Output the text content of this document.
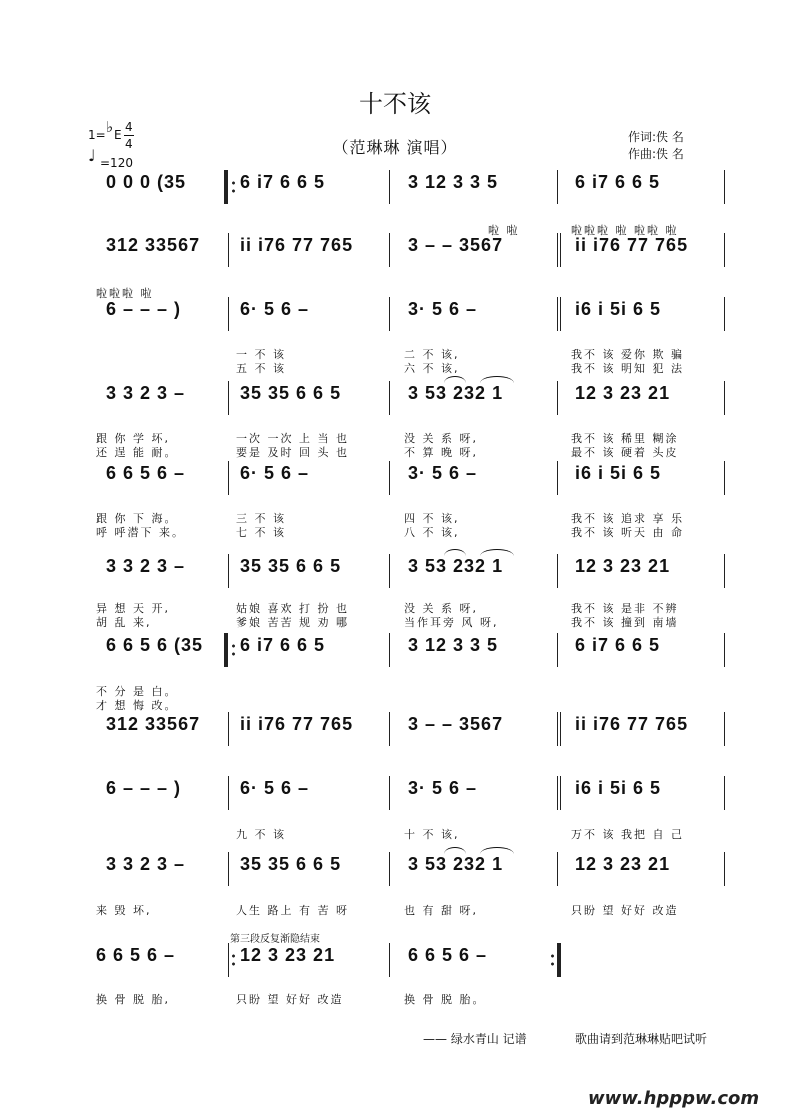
十不该
（范琳琳 演唱）
作词:佚 名
作曲:佚 名
1= ♭ E
4
4
♩ =120
0 0 0 (35	6 i7 6 6 5	3 12 3 3 5	6 i7 6 6 5
啦 啦	啦啦啦 啦 啦啦 啦
312 33567 ii i76 77 765	3 – – 3567	ii i76 77 765
啦啦啦 啦
6 – – – )	6· 5 6 –	3· 5 6 –	i6 i 5i 6 5
一 不 该	二 不 该,	我不 该 爱你 欺 骗
五 不 该	六 不 该,	我不 该 明知 犯 法
3 3 2 3 –	35 35 6 6 5	3 53 232 1	12 3 23 21
跟 你 学 坏,	一次 一次 上 当 也	没 关 系 呀,	我不 该 稀里 糊涂
还 逞 能 耐。	要是 及时 回 头 也	不 算 晚 呀,	最不 该 硬着 头皮
6 6 5 6 –	6· 5 6 –	3· 5 6 –	i6 i 5i 6 5
跟 你 下 海。	三 不 该	四 不 该,	我不 该 追求 享 乐
呼 呼潜下 来。	七 不 该	八 不 该,	我不 该 听天 由 命
3 3 2 3 –	35 35 6 6 5	3 53 232 1	12 3 23 21
异 想 天 开,	姑娘 喜欢 打 扮 也	没 关 系 呀,	我不 该 是非 不辨
胡 乱 来,	爹娘 苦苦 规 劝 哪	当作耳旁 风 呀,	我不 该 撞到 南墙
6 6 5 6 (35 6 i7 6 6 5	3 12 3 3 5	6 i7 6 6 5
不 分 是 白。
才 想 悔 改。
312 33567 ii i76 77 765	3 – – 3567	ii i76 77 765
6 – – – )	6· 5 6 –	3· 5 6 –	i6 i 5i 6 5
九 不 该	十 不 该,	万不 该 我把 自 己
3 3 2 3 –	35 35 6 6 5	3 53 232 1	12 3 23 21
来 毁 坏,	人生 路上 有 苦 呀	也 有 甜 呀,	只盼 望 好好 改造
6 6 5 6 –	12 3 23 21	6 6 5 6 –
换 骨 脱 胎,	只盼 望 好好 改造	换 骨 脱 胎。
第三段反复渐隐结束
—— 绿水青山 记谱	歌曲请到范琳琳贴吧试听
www.hpppw.com
